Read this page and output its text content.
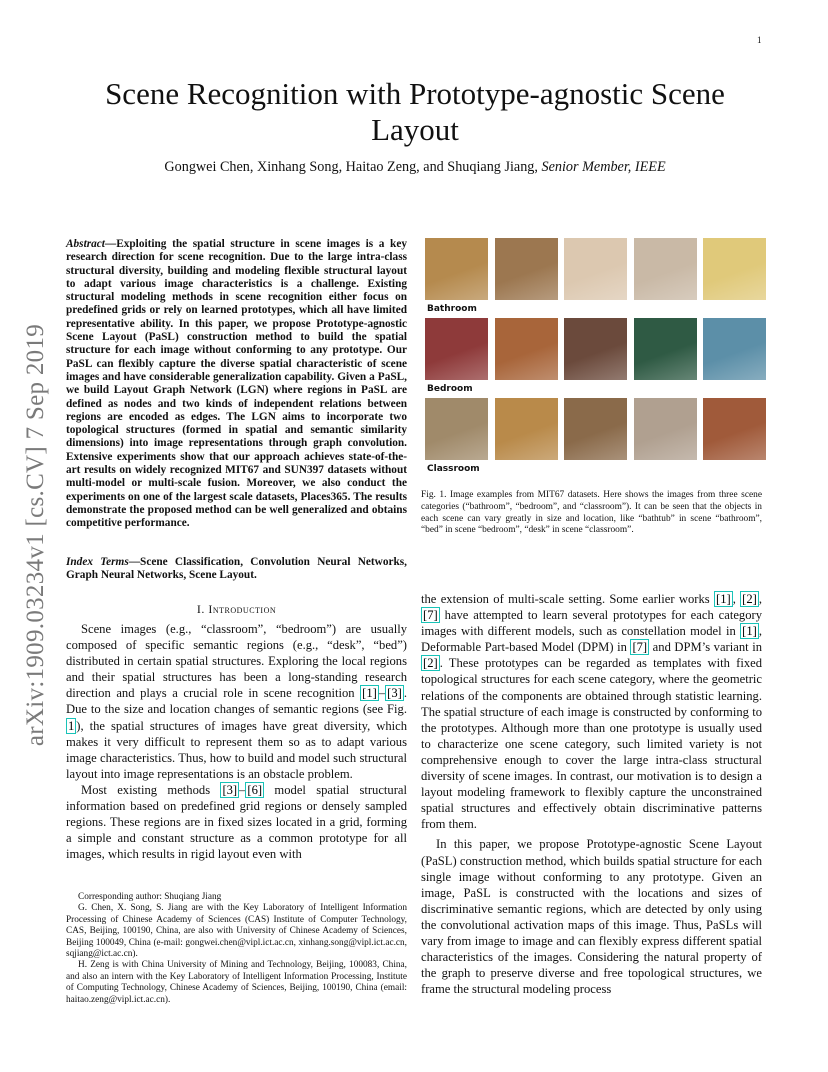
1
arXiv:1909.03234v1 [cs.CV] 7 Sep 2019
Scene Recognition with Prototype-agnostic Scene Layout
Gongwei Chen, Xinhang Song, Haitao Zeng, and Shuqiang Jiang, Senior Member, IEEE
Abstract—Exploiting the spatial structure in scene images is a key research direction for scene recognition. Due to the large intra-class structural diversity, building and modeling flexible structural layout to adapt various image characteristics is a challenge. Existing structural modeling methods in scene recognition either focus on predefined grids or rely on learned prototypes, which all have limited representative ability. In this paper, we propose Prototype-agnostic Scene Layout (PaSL) construction method to build the spatial structure for each image without conforming to any prototype. Our PaSL can flexibly capture the diverse spatial characteristic of scene images and have considerable generalization capability. Given a PaSL, we build Layout Graph Network (LGN) where regions in PaSL are defined as nodes and two kinds of independent relations between regions are encoded as edges. The LGN aims to incorporate two topological structures (formed in spatial and semantic similarity dimensions) into image representations through graph convolution. Extensive experiments show that our approach achieves state-of-the-art results on widely recognized MIT67 and SUN397 datasets without multi-model or multi-scale fusion. Moreover, we also conduct the experiments on one of the largest scale datasets, Places365. The results demonstrate the proposed method can be well generalized and obtains competitive performance.
Index Terms—Scene Classification, Convolution Neural Networks, Graph Neural Networks, Scene Layout.
I. Introduction

Scene images (e.g., “classroom”, “bedroom”) are usually composed of specific semantic regions (e.g., “desk”, “bed”) distributed in certain spatial structures. Exploring the local regions and their spatial structures has been a long-standing research direction and plays a crucial role in scene recognition [1] – [3] . Due to the size and location changes of semantic regions (see Fig. 1 ), the spatial structures of images have great diversity, which makes it very difficult to represent them so as to adapt various image characteristics. Thus, how to build and model such structural layout into image representations is an obstacle problem.

Most existing methods [3] – [6] model spatial structural information based on predefined grid regions or densely sampled regions. These regions are in fixed sizes located in a grid, forming a simple and constant structure as a common prototype for all images, which results in rigid layout even with

Corresponding author: Shuqiang Jiang

G. Chen, X. Song, S. Jiang are with the Key Laboratory of Intelligent Information Processing of Chinese Academy of Sciences (CAS) Institute of Computer Technology, CAS, Beijing, 100190, China, are also with University of Chinese Academy of Sciences, Beijing 100049, China (e-mail: gongwei.chen@vipl.ict.ac.cn, xinhang.song@vipl.ict.ac.cn, sqjiang@ict.ac.cn).

H. Zeng is with China University of Mining and Technology, Beijing, 100083, China, and also an intern with the Key Laboratory of Intelligent Information Processing, Institute of Computing Technology, Chinese Academy of Sciences, Beijing, 100190, China (email: haitao.zeng@vipl.ict.ac.cn).

Bathroom
Bedroom
Classroom
Fig. 1. Image examples from MIT67 datasets. Here shows the images from three scene categories (“bathroom”, “bedroom”, and “classroom”). It can be seen that the objects in each scene can vary greatly in size and location, like “bathtub” in scene “bathroom”, “bed” in scene “bedroom”, “desk” in scene “classroom”.

the extension of multi-scale setting. Some earlier works [1] , [2] , [7] have attempted to learn several prototypes for each category images with different models, such as constellation model in [1] , Deformable Part-based Model (DPM) in [7] and DPM’s variant in [2] . These prototypes can be regarded as templates with fixed topological structures for each scene category, where the geometric relations of the components are obtained through statistic learning. The spatial structure of each image is constructed by conforming to the prototypes. Although more than one prototype is usually used to characterize one scene category, such limited variety is not comprehensive enough to cover the large intra-class structural diversity of scene images. In contrast, our motivation is to design a layout modeling framework to flexibly capture the unconstrained spatial structures and effectively obtain discriminative patterns from them.

In this paper, we propose Prototype-agnostic Scene Layout (PaSL) construction method, which builds spatial structure for each single image without conforming to any prototype. Given an image, PaSL is constructed with the locations and sizes of discriminative semantic regions, which are detected by only using the convolutional activation maps of this image. Thus, PaSLs will vary from image to image and can flexibly express different spatial characteristics of the images. Considering the natural property of the graph to preserve diverse and free topological structures, we frame the structural modeling process
